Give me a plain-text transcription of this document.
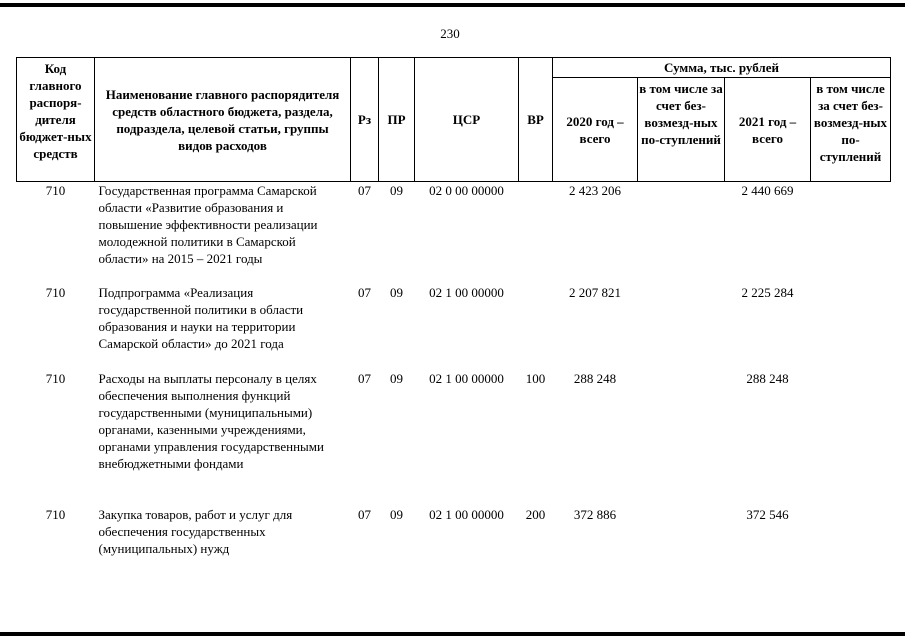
230
Код главного распоря-дителя бюджет-ных средств	Наименование главного распорядителя средств областного бюджета, раздела, подраздела, целевой статьи, группы видов расходов	Рз	ПР	ЦСР	ВР	Сумма, тыс. рублей			
						2020 год – всего	в том числе за счет без-возмезд-ных по-ступлений	2021 год – всего	в том числе за счет без-возмезд-ных по-ступлений
710	Государственная программа Самарской области «Развитие образования и повышение эффективности реализации молодежной политики в Самарской области» на 2015 – 2021 годы	07	09	02 0 00 00000		2 423 206		2 440 669	
710	Подпрограмма «Реализация государственной политики в области образования и науки на территории Самарской области» до 2021 года	07	09	02 1 00 00000		2 207 821		2 225 284	
710	Расходы на выплаты персоналу в целях обеспечения выполнения функций государственными (муниципальными) органами, казенными учреждениями, органами управления государственными внебюджетными фондами	07	09	02 1 00 00000	100	288 248		288 248	
710	Закупка товаров, работ и услуг для обеспечения государственных (муниципальных) нужд	07	09	02 1 00 00000	200	372 886		372 546	
